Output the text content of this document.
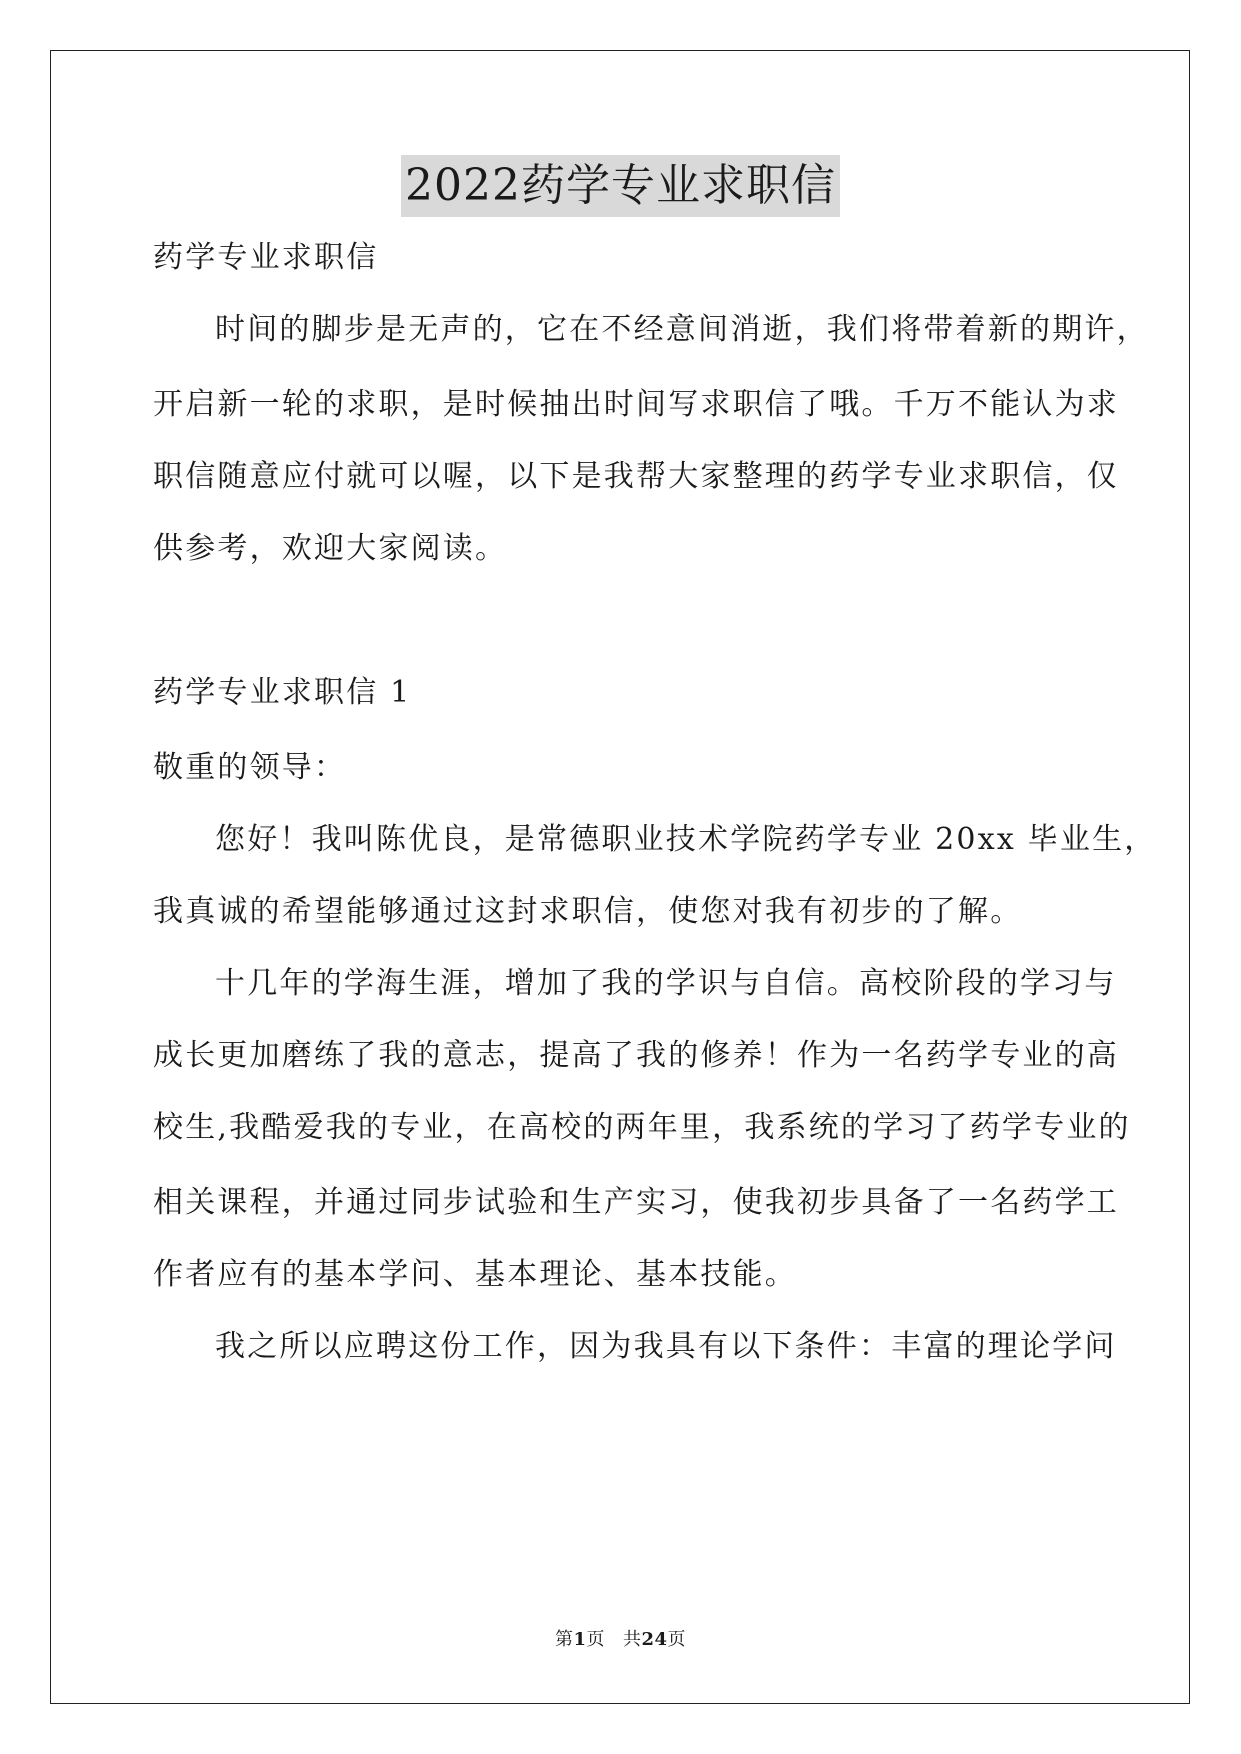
2022药学专业求职信
药学专业求职信
时间的脚步是无声的，它在不经意间消逝，我们将带着新的期许，
开启新一轮的求职，是时候抽出时间写求职信了哦。千万不能认为求
职信随意应付就可以喔，以下是我帮大家整理的药学专业求职信，仅
供参考，欢迎大家阅读。
药学专业求职信 1
敬重的领导：
您好！我叫陈优良，是常德职业技术学院药学专业 20xx 毕业生，
我真诚的希望能够通过这封求职信，使您对我有初步的了解。
十几年的学海生涯，增加了我的学识与自信。高校阶段的学习与
成长更加磨练了我的意志，提高了我的修养！作为一名药学专业的高
校生,我酷爱我的专业，在高校的两年里，我系统的学习了药学专业的
相关课程，并通过同步试验和生产实习，使我初步具备了一名药学工
作者应有的基本学问、基本理论、基本技能。
我之所以应聘这份工作，因为我具有以下条件：丰富的理论学问
第1页 共24页
